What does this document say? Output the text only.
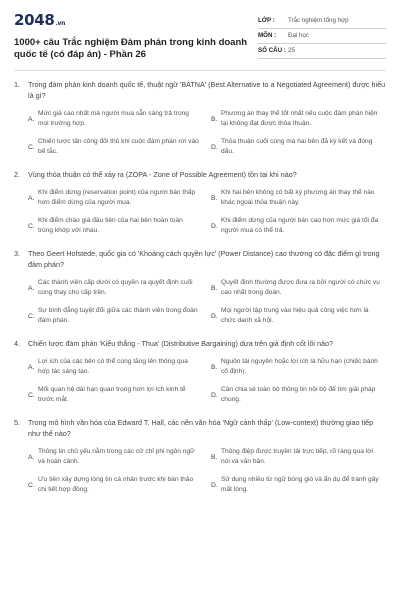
2048.vn
1000+ câu Trắc nghiệm Đàm phán trong kinh doanh quốc tế (có đáp án) - Phần 26
LỚP :	Trắc nghiệm tổng hợp
MÔN :	Đại học
SỐ CÂU : 25
1.	Trong đàm phán kinh doanh quốc tế, thuật ngữ 'BATNA' (Best Alternative to a Negotiated Agreement) được hiểu là gì?
A.
Mức giá cao nhất mà người mua sẵn sàng trả trong mọi trường hợp.
B.
Phương án thay thế tốt nhất nếu cuộc đàm phán hiện tại không đạt được thỏa thuận.
C.
Chiến lược tấn công đối thủ khi cuộc đàm phán rơi vào bế tắc.
D.
Thỏa thuận cuối cùng mà hai bên đã ký kết và đóng dấu.
2.	Vùng thỏa thuận có thể xảy ra (ZOPA - Zone of Possible Agreement) tồn tại khi nào?
A.
Khi điểm dừng (reservation point) của người bán thấp hơn điểm dừng của người mua.
B.
Khi hai bên không có bất kỳ phương án thay thế nào khác ngoài thỏa thuận này.
C.
Khi điểm chào giá đầu tiên của hai bên hoàn toàn trùng khớp với nhau.
D.
Khi điểm dừng của người bán cao hơn mức giá tối đa người mua có thể trả.
3.	Theo Geert Hofstede, quốc gia có 'Khoảng cách quyền lực' (Power Distance) cao thường có đặc điểm gì trong đàm phán?
A.
Các thành viên cấp dưới có quyền ra quyết định cuối cùng thay cho cấp trên.
B.
Quyết định thường được đưa ra bởi người có chức vụ cao nhất trong đoàn.
C.
Sự bình đẳng tuyệt đối giữa các thành viên trong đoàn đàm phán.
D.
Mọi người tập trung vào hiệu quả công việc hơn là chức danh xã hội.
4.	Chiến lược đàm phán 'Kiểu thắng - Thua' (Distributive Bargaining) dựa trên giả định cốt lõi nào?
A.
Lợi ích của các bên có thể cùng tăng lên thông qua hợp tác sáng tạo.
B.
Nguồn tài nguyên hoặc lợi ích là hữu hạn (chiếc bánh cố định).
C.
Mối quan hệ dài hạn quan trọng hơn lợi ích kinh tế trước mắt.
D.
Cần chia sẻ toàn bộ thông tin nội bộ để tìm giải pháp chung.
5.	Trong mô hình văn hóa của Edward T. Hall, các nền văn hóa 'Ngữ cảnh thấp' (Low-context) thường giao tiếp như thế nào?
A.
Thông tin chủ yếu nằm trong các cử chỉ phi ngôn ngữ và hoàn cảnh.
B.
Thông điệp được truyền tải trực tiếp, rõ ràng qua lời nói và văn bản.
C.
Ưu tiên xây dựng lòng tin cá nhân trước khi bàn thảo chi tiết hợp đồng.
D.
Sử dụng nhiều từ ngữ bóng gió và ẩn dụ để tránh gây mất lòng.
